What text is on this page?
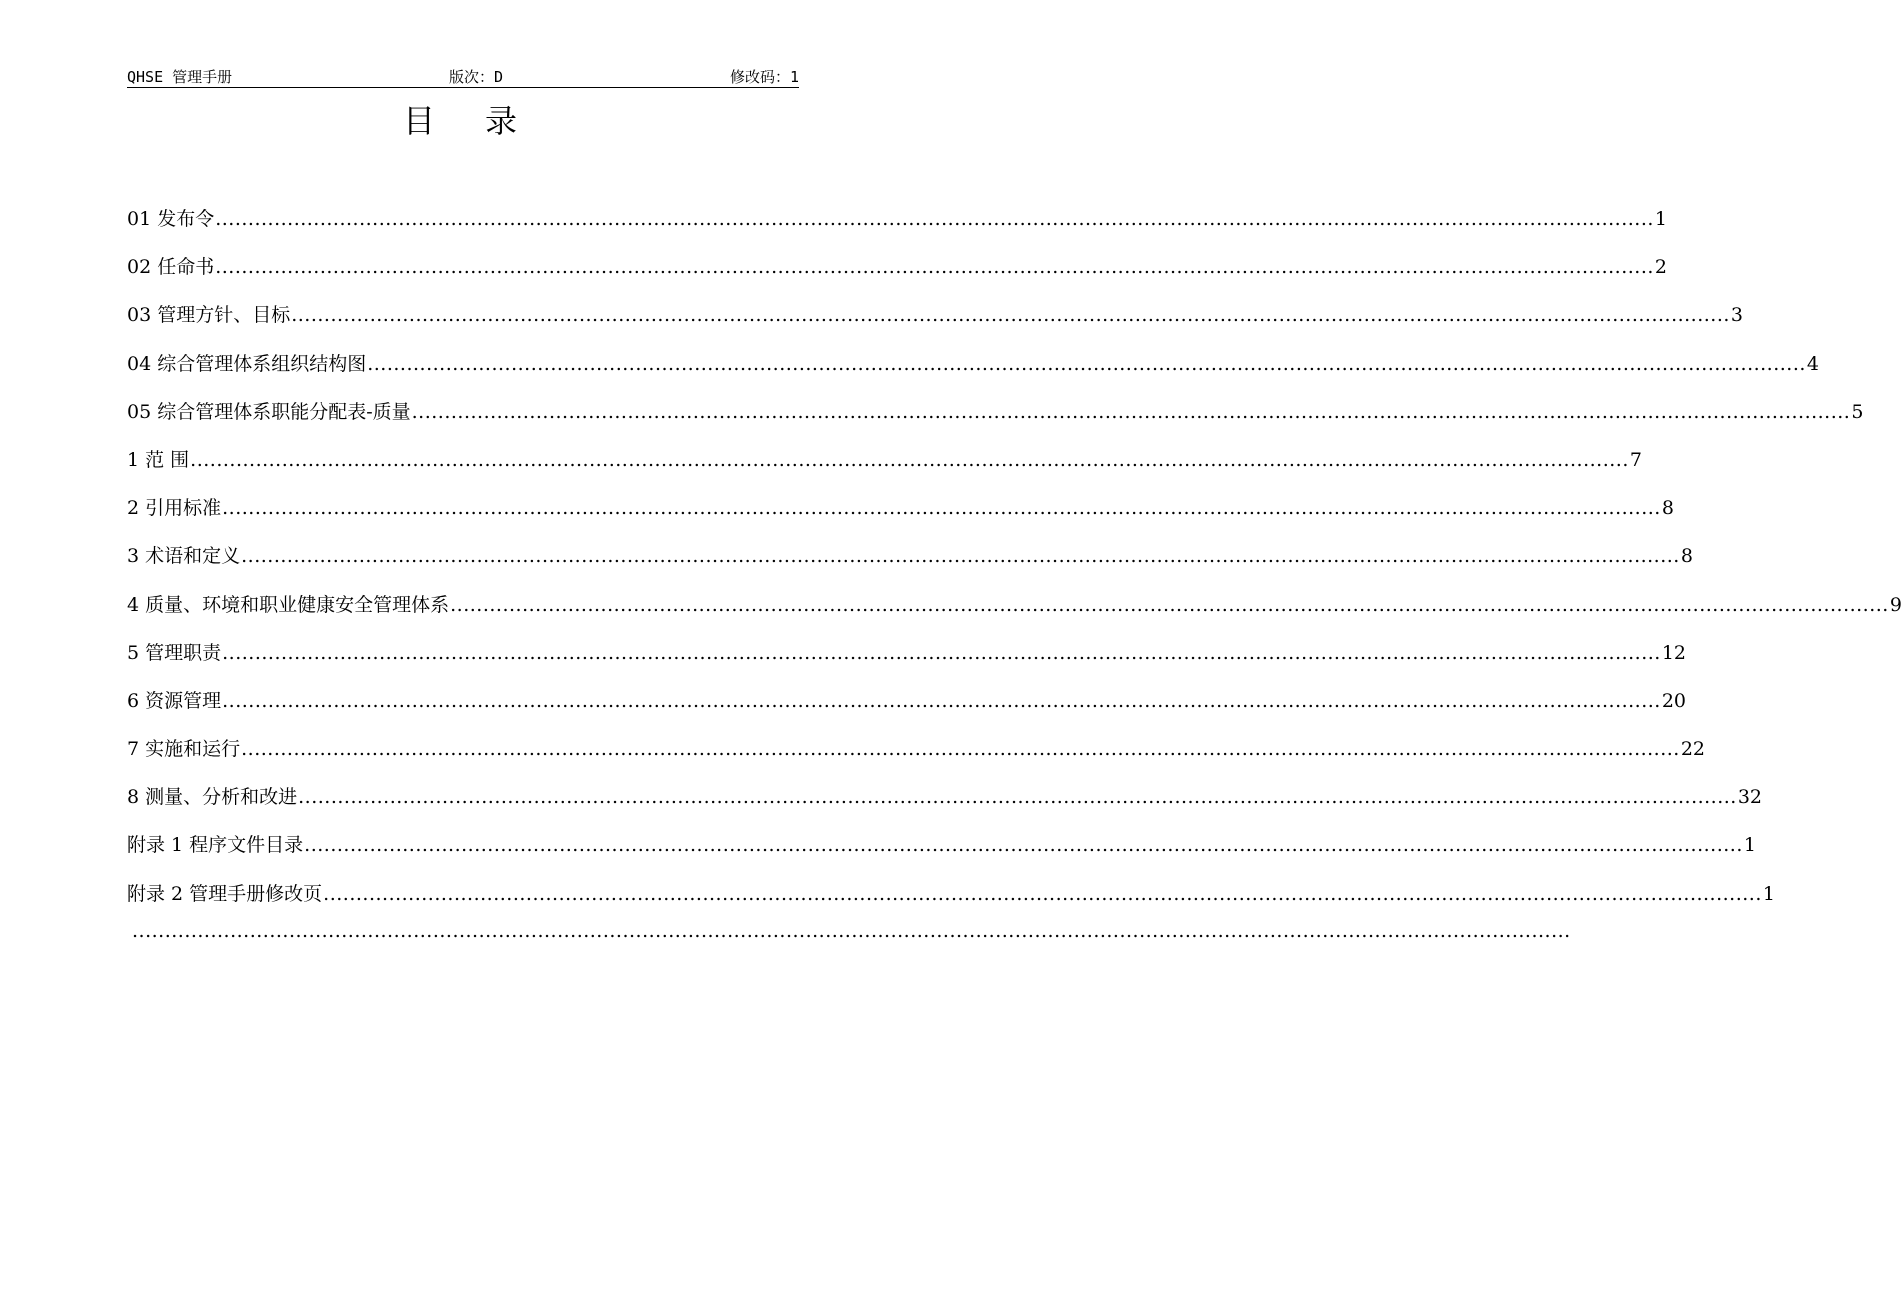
QHSE 管理手册	版次：D	修改码：1
目录
01 发布令 ............................................................................................................................................................................................................................ 1
02 任命书 ............................................................................................................................................................................................................................ 2
03 管理方针、目标 ............................................................................................................................................................................................................................ 3
04 综合管理体系组织结构图 ............................................................................................................................................................................................................................ 4
05 综合管理体系职能分配表-质量 ............................................................................................................................................................................................................................ 5
1 范 围 ............................................................................................................................................................................................................................ 7
2 引用标准 ............................................................................................................................................................................................................................ 8
3 术语和定义 ............................................................................................................................................................................................................................ 8
4 质量、环境和职业健康安全管理体系 ............................................................................................................................................................................................................................ 9
5 管理职责 ............................................................................................................................................................................................................................ 12
6 资源管理 ............................................................................................................................................................................................................................ 20
7 实施和运行 ............................................................................................................................................................................................................................ 22
8 测量、分析和改进 ............................................................................................................................................................................................................................ 32
附录 1 程序文件目录 ............................................................................................................................................................................................................................ 1
附录 2 管理手册修改页 ............................................................................................................................................................................................................................ 1
............................................................................................................................................................................................................................
